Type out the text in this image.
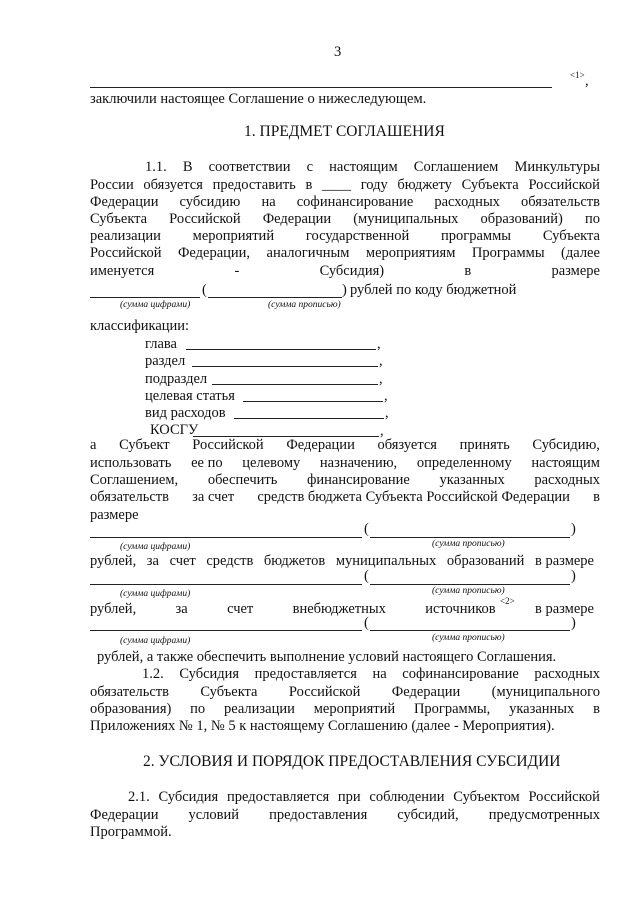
3
<1> ,
заключили настоящее Соглашение о нижеследующем.
1. ПРЕДМЕТ СОГЛАШЕНИЯ
1.1. В соответствии с настоящим Соглашением Минкультуры
России обязуется предоставить в ____ году бюджету Субъекта Российской
Федерации субсидию на софинансирование расходных обязательств
Субъекта Российской Федерации (муниципальных образований) по
реализации мероприятий государственной программы Субъекта
Российской Федерации, аналогичным мероприятиям Программы (далее
именуется	-	Субсидия)	в	размере
(	) рублей по коду бюджетной
(сумма цифрами)	(сумма прописью)
классификации:
глава	,
раздел	,
подраздел	,
целевая статья	,
вид расходов	,
КОСГУ	,
а Субъект Российской Федерации обязуется принять Субсидию,
использовать ее по целевому назначению, определенному настоящим
Соглашением, обеспечить финансирование указанных расходных
обязательств за счет средств бюджета Субъекта Российской Федерации в
размере
(	)
(сумма цифрами)	(сумма прописью)
рублей, за счет средств бюджетов муниципальных образований в размере
(	)
(сумма цифрами)	(сумма прописью)
рублей,	за	счет	внебюджетных	источников	в размере
<2>
(	)
(сумма цифрами)	(сумма прописью)
рублей, а также обеспечить выполнение условий настоящего Соглашения.
1.2. Субсидия предоставляется на софинансирование расходных
обязательств Субъекта Российской Федерации (муниципального
образования) по реализации мероприятий Программы, указанных в
Приложениях № 1, № 5 к настоящему Соглашению (далее - Мероприятия).
2. УСЛОВИЯ И ПОРЯДОК ПРЕДОСТАВЛЕНИЯ СУБСИДИИ
2.1. Субсидия предоставляется при соблюдении Субъектом Российской
Федерации условий предоставления субсидий, предусмотренных
Программой.
